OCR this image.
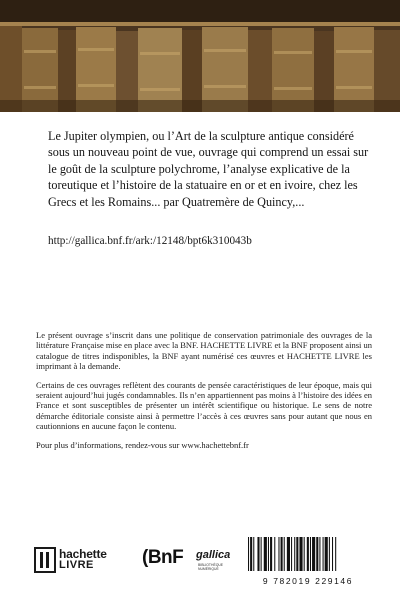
Le Jupiter olympien, ou l’Art de la sculpture antique considéré sous un nouveau point de vue, ouvrage qui comprend un essai sur le goût de la sculpture polychrome, l’analyse explicative de la toreutique et l’histoire de la statuaire en or et en ivoire, chez les Grecs et les Romains... par Quatremère de Quincy,...

http://gallica.bnf.fr/ark:/12148/bpt6k310043b

Le présent ouvrage s’inscrit dans une politique de conservation patrimoniale des ouvrages de la littérature Française mise en place avec la BNF. HACHETTE LIVRE et la BNF proposent ainsi un catalogue de titres indisponibles, la BNF ayant numérisé ces œuvres et HACHETTE LIVRE les imprimant à la demande.

Certains de ces ouvrages reflètent des courants de pensée caractéristiques de leur époque, mais qui seraient aujourd’hui jugés condamnables. Ils n’en appartiennent pas moins à l’histoire des idées en France et sont susceptibles de présenter un intérêt scientifique ou historique. Le sens de notre démarche éditoriale consiste ainsi à permettre l’accès à ces œuvres sans pour autant que nous en cautionnions en aucune façon le contenu.

Pour plus d’informations, rendez-vous sur www.hachettebnf.fr

hachette
LIVRE	(BnF gallica
BIBLIOTHÈQUE NUMÉRIQUE
9 782019 229146
